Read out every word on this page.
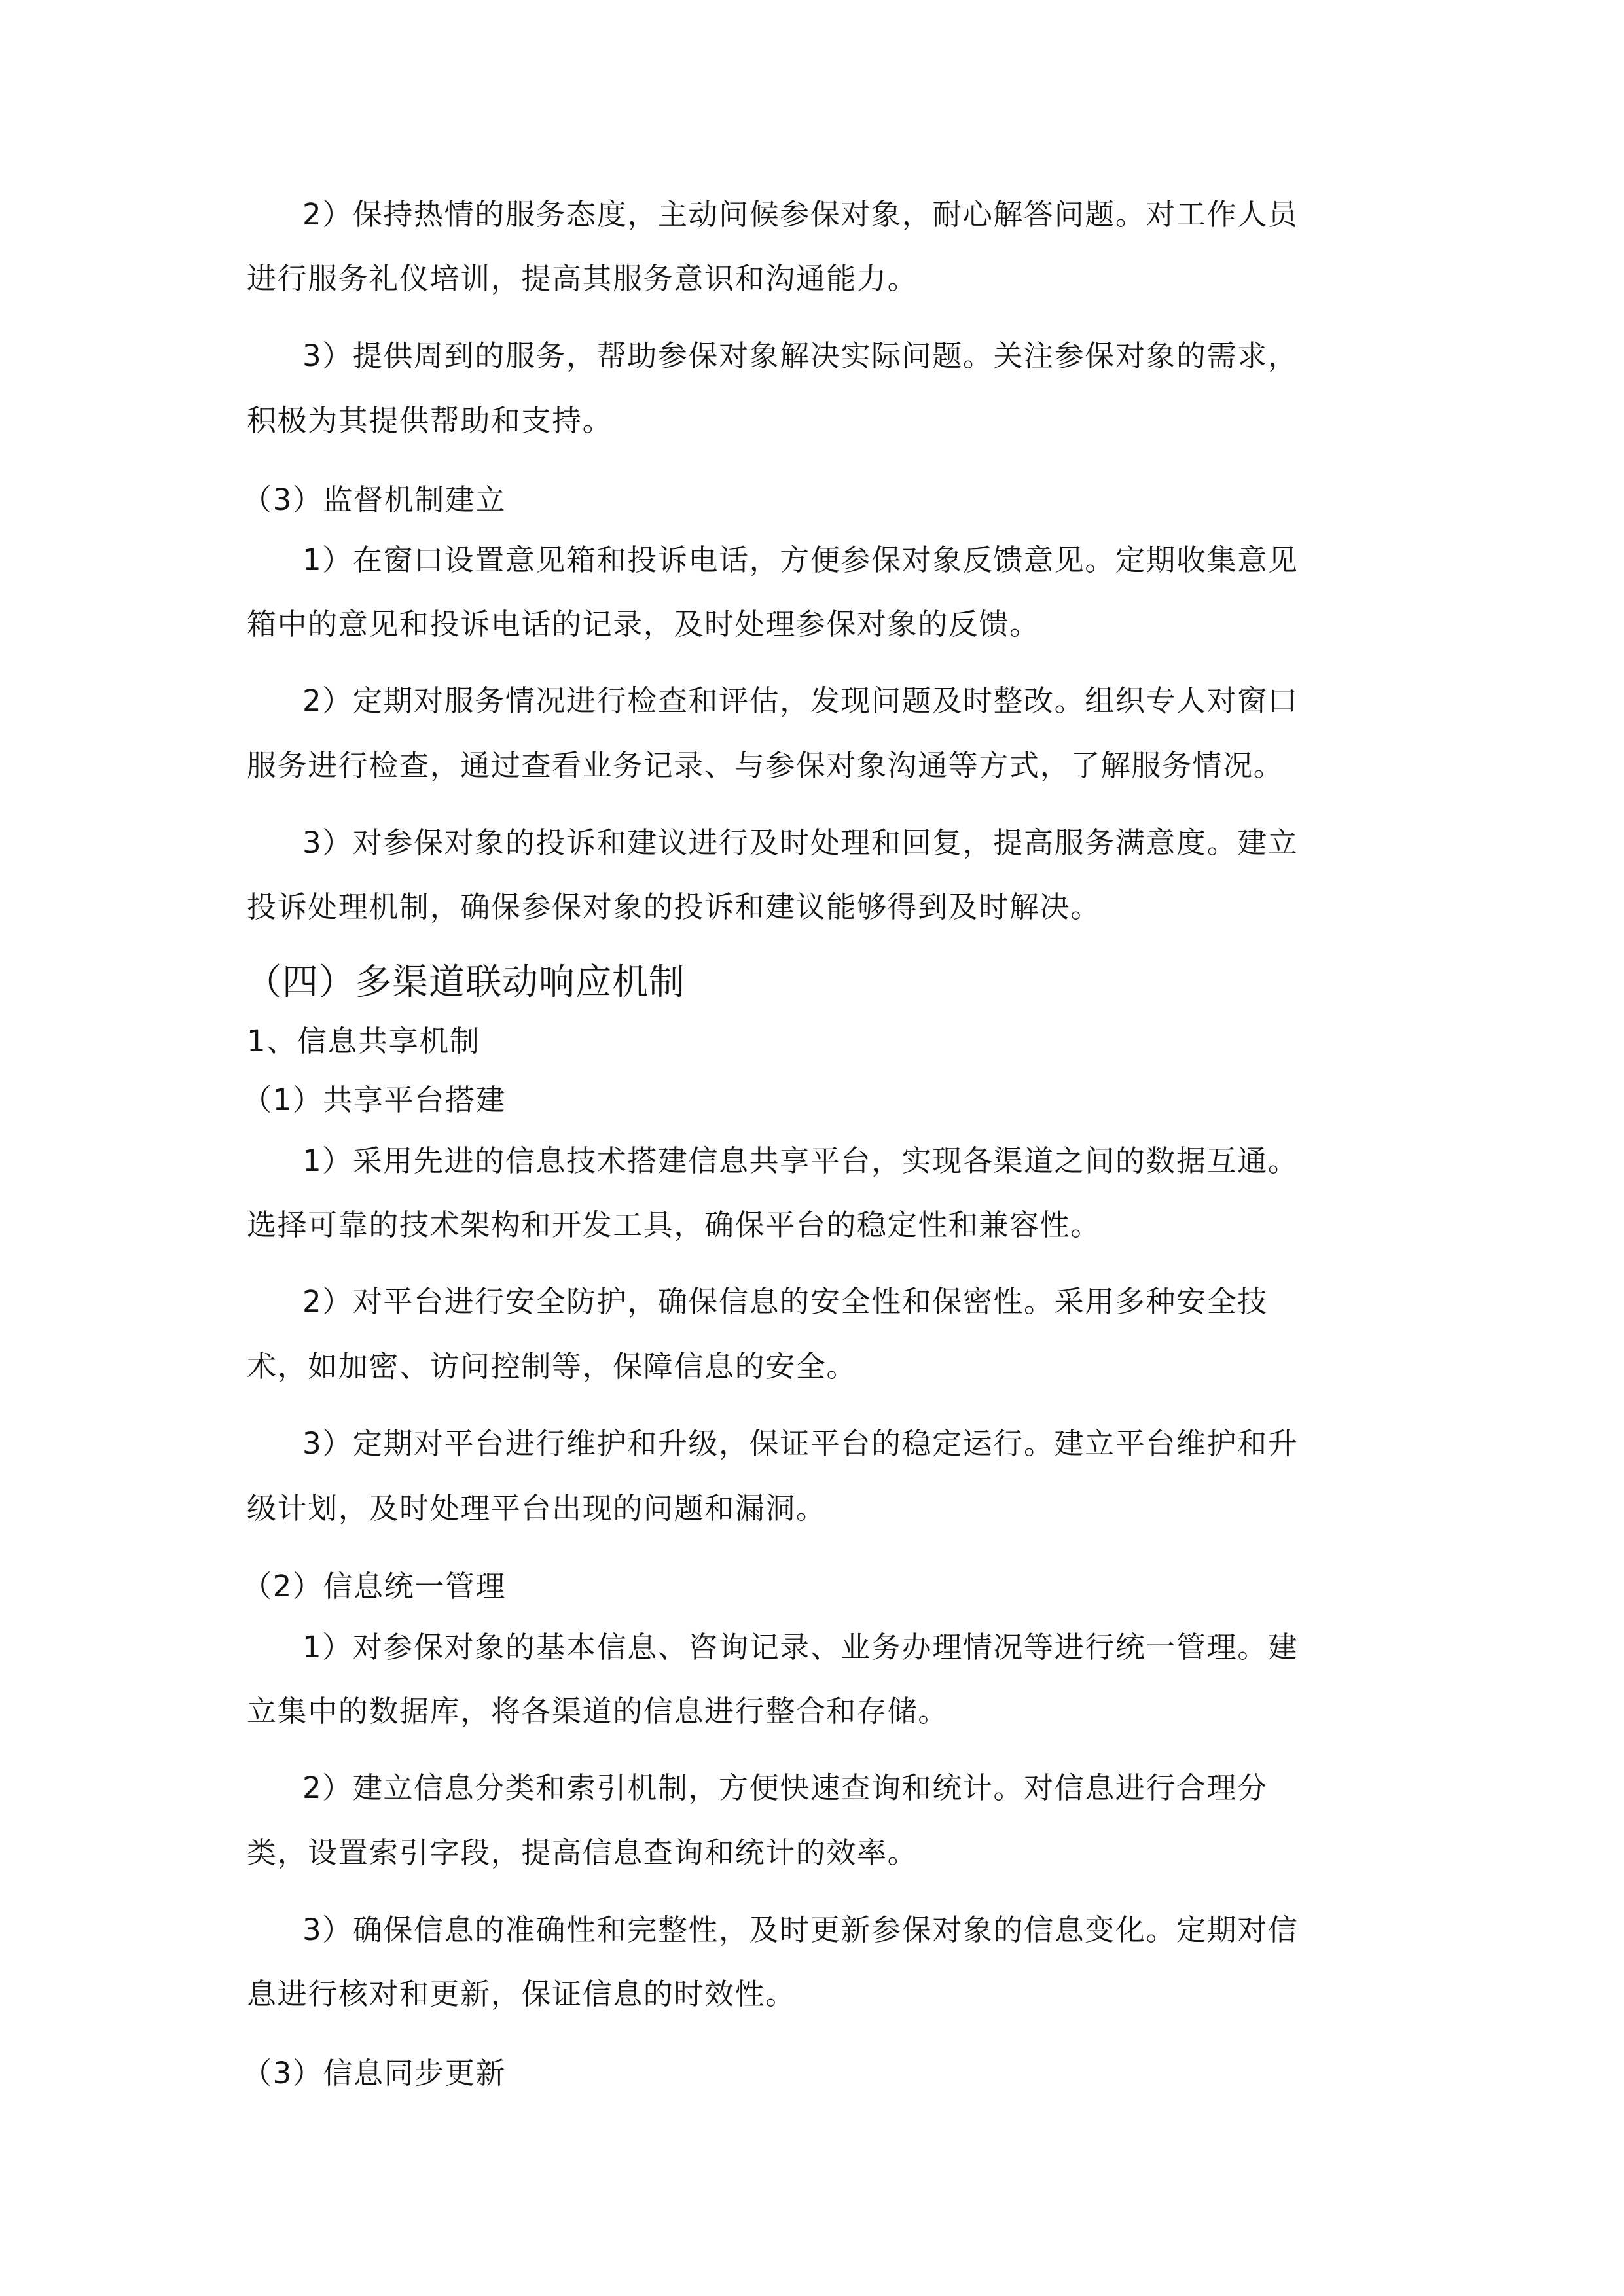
2）保持热情的服务态度，主动问候参保对象，耐心解答问题。对工作人员
进行服务礼仪培训，提高其服务意识和沟通能力。
3）提供周到的服务，帮助参保对象解决实际问题。关注参保对象的需求，
积极为其提供帮助和支持。
（3）监督机制建立
1）在窗口设置意见箱和投诉电话，方便参保对象反馈意见。定期收集意见
箱中的意见和投诉电话的记录，及时处理参保对象的反馈。
2）定期对服务情况进行检查和评估，发现问题及时整改。组织专人对窗口
服务进行检查，通过查看业务记录、与参保对象沟通等方式，了解服务情况。
3）对参保对象的投诉和建议进行及时处理和回复，提高服务满意度。建立
投诉处理机制，确保参保对象的投诉和建议能够得到及时解决。
（四）多渠道联动响应机制
1、信息共享机制
（1）共享平台搭建
1）采用先进的信息技术搭建信息共享平台，实现各渠道之间的数据互通。
选择可靠的技术架构和开发工具，确保平台的稳定性和兼容性。
2）对平台进行安全防护，确保信息的安全性和保密性。采用多种安全技
术，如加密、访问控制等，保障信息的安全。
3）定期对平台进行维护和升级，保证平台的稳定运行。建立平台维护和升
级计划，及时处理平台出现的问题和漏洞。
（2）信息统一管理
1）对参保对象的基本信息、咨询记录、业务办理情况等进行统一管理。建
立集中的数据库，将各渠道的信息进行整合和存储。
2）建立信息分类和索引机制，方便快速查询和统计。对信息进行合理分
类，设置索引字段，提高信息查询和统计的效率。
3）确保信息的准确性和完整性，及时更新参保对象的信息变化。定期对信
息进行核对和更新，保证信息的时效性。
（3）信息同步更新
